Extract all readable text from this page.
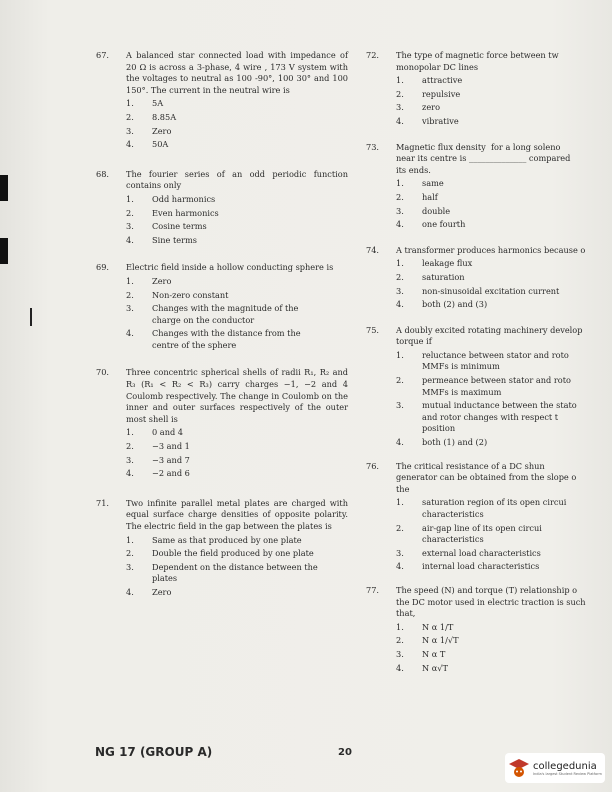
67.	A balanced star connected load with impedance of 20 Ω is across a 3-phase, 4 wire , 173 V system with the voltages to neutral as 100 -90°, 100 30° and 100 150°. The current in the neutral wire is
1.	5A
2.	8.85A
3.	Zero
4.	50A
68.	The fourier series of an odd periodic function contains only
1.	Odd harmonics
2.	Even harmonics
3.	Cosine terms
4.	Sine terms
69.	Electric field inside a hollow conducting sphere is
1.	Zero
2.	Non-zero constant
3.	Changes with the magnitude of the
charge on the conductor
4.	Changes with the distance from the
centre of the sphere
70.	Three concentric spherical shells of radii R₁, R₂ and R₃ (R₁ < R₂ < R₃) carry charges −1, −2 and 4 Coulomb respectively. The change in Coulomb on the inner and outer surfaces respectively of the outer most shell is
1.	0 and 4
2.	−3 and 1
3.	−3 and 7
4.	−2 and 6
71.	Two infinite parallel metal plates are charged with equal surface charge densities of opposite polarity. The electric field in the gap between the plates is
1.	Same as that produced by one plate
2.	Double the field produced by one plate
3.	Dependent on the distance between the
plates
4.	Zero
72.	The type of magnetic force between tw
monopolar DC lines
1.	attractive
2.	repulsive
3.	zero
4.	vibrative
73.	Magnetic flux density  for a long soleno
near its centre is ______________ compared
its ends.
1.	same
2.	half
3.	double
4.	one fourth
74.	A transformer produces harmonics because o
1.	leakage flux
2.	saturation
3.	non-sinusoidal excitation current
4.	both (2) and (3)
75.	A doubly excited rotating machinery develop
torque if
1.	reluctance between stator and roto
MMFs is minimum
2.	permeance between stator and roto
MMFs is maximum
3.	mutual inductance between the stato
and rotor changes with respect t
position
4.	both (1) and (2)
76.	The critical resistance of a DC shun
generator can be obtained from the slope o
the
1.	saturation region of its open circui
characteristics
2.	air-gap line of its open circui
characteristics
3.	external load characteristics
4.	internal load characteristics
77.	The speed (N) and torque (T) relationship o
the DC motor used in electric traction is such
that,
1.	N α 1/T
2.	N α 1/√T
3.	N α T
4.	N α√T
NG 17 (GROUP A)	20
collegedunia
India's largest Student Review Platform
